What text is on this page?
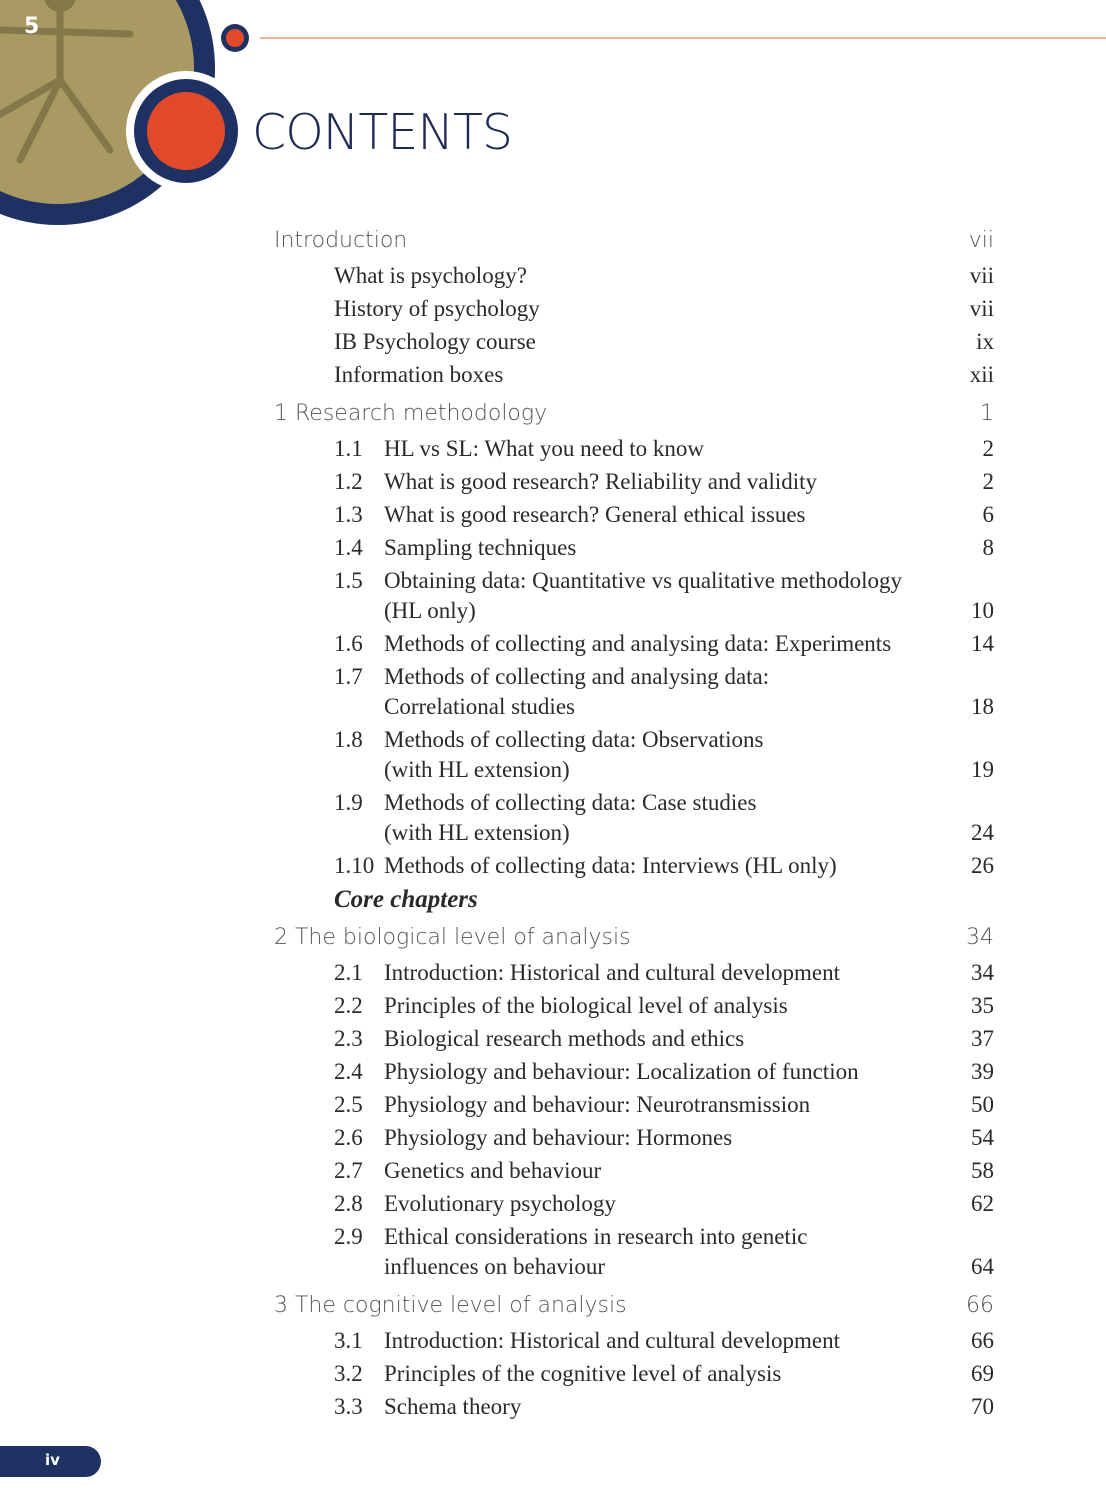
5
CONTENTS
Introduction	vii
What is psychology?	vii
History of psychology	vii
IB Psychology course	ix
Information boxes	xii
1 Research methodology	1
1.1 HL vs SL: What you need to know	2
1.2 What is good research? Reliability and validity	2
1.3 What is good research? General ethical issues	6
1.4 Sampling techniques	8
1.5 Obtaining data: Quantitative vs qualitative methodology
(HL only)	10
1.6 Methods of collecting and analysing data: Experiments	14
1.7 Methods of collecting and analysing data:
Correlational studies	18
1.8 Methods of collecting data: Observations
(with HL extension)	19
1.9 Methods of collecting data: Case studies
(with HL extension)	24
1.10 Methods of collecting data: Interviews (HL only)	26
Core chapters
2 The biological level of analysis	34
2.1 Introduction: Historical and cultural development	34
2.2 Principles of the biological level of analysis	35
2.3 Biological research methods and ethics	37
2.4 Physiology and behaviour: Localization of function	39
2.5 Physiology and behaviour: Neurotransmission	50
2.6 Physiology and behaviour: Hormones	54
2.7 Genetics and behaviour	58
2.8 Evolutionary psychology	62
2.9 Ethical considerations in research into genetic
influences on behaviour	64
3 The cognitive level of analysis	66
3.1 Introduction: Historical and cultural development	66
3.2 Principles of the cognitive level of analysis	69
3.3 Schema theory	70
iv
